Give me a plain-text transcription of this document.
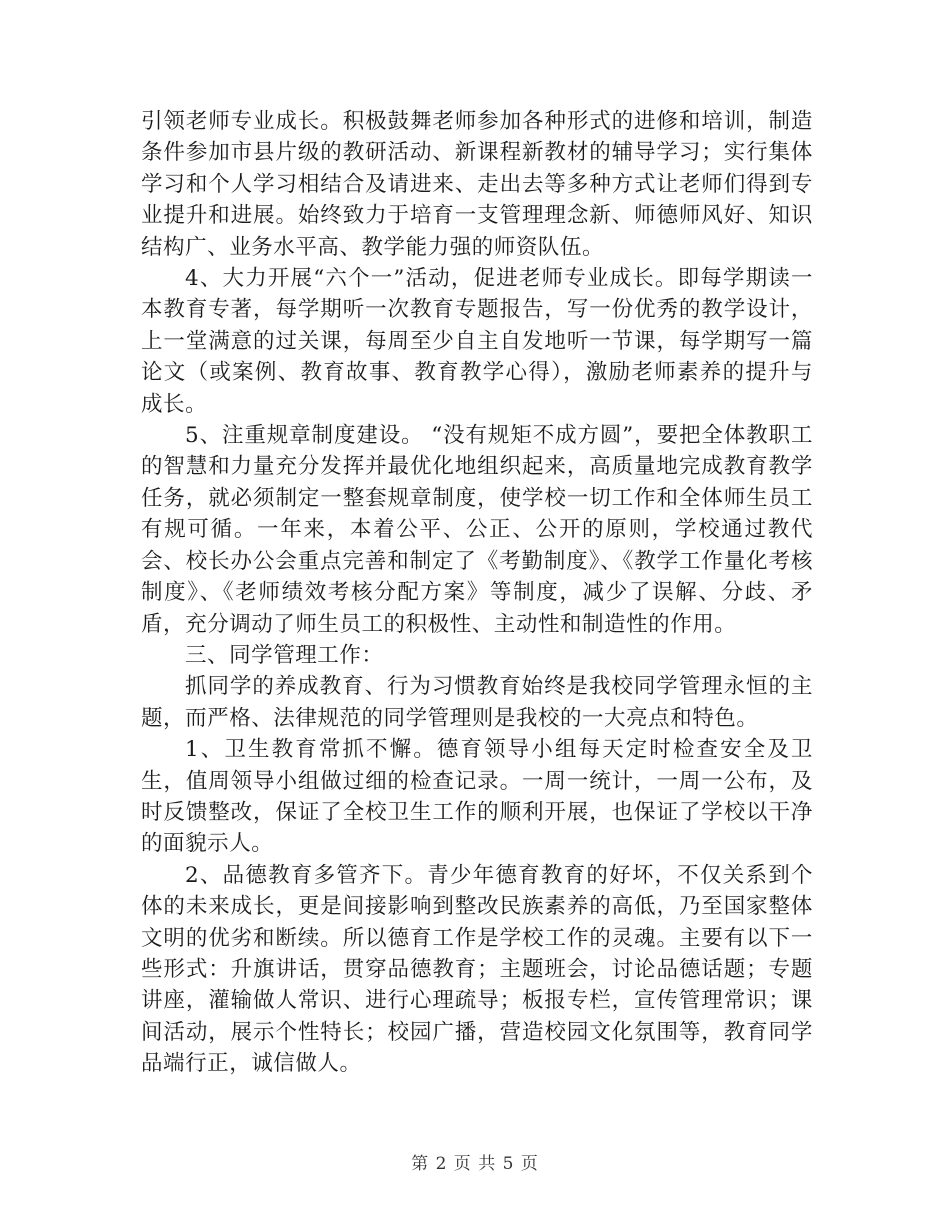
引领老师专业成长。积极鼓舞老师参加各种形式的进修和培训，制造条件参加市县片级的教研活动、新课程新教材的辅导学习；实行集体学习和个人学习相结合及请进来、走出去等多种方式让老师们得到专业提升和进展。始终致力于培育一支管理理念新、师德师风好、知识结构广、业务水平高、教学能力强的师资队伍。

4、大力开展“六个一”活动，促进老师专业成长。即每学期读一本教育专著，每学期听一次教育专题报告，写一份优秀的教学设计，上一堂满意的过关课，每周至少自主自发地听一节课，每学期写一篇论文（或案例、教育故事、教育教学心得），激励老师素养的提升与成长。

5、注重规章制度建设。 “没有规矩不成方圆”，要把全体教职工的智慧和力量充分发挥并最优化地组织起来，高质量地完成教育教学任务，就必须制定一整套规章制度，使学校一切工作和全体师生员工有规可循。一年来，本着公平、公正、公开的原则，学校通过教代会、校长办公会重点完善和制定了《考勤制度》、《教学工作量化考核制度》、《老师绩效考核分配方案》等制度，减少了误解、分歧、矛盾，充分调动了师生员工的积极性、主动性和制造性的作用。

三、同学管理工作：

抓同学的养成教育、行为习惯教育始终是我校同学管理永恒的主题，而严格、法律规范的同学管理则是我校的一大亮点和特色。

1、卫生教育常抓不懈。德育领导小组每天定时检查安全及卫生，值周领导小组做过细的检查记录。一周一统计，一周一公布，及时反馈整改，保证了全校卫生工作的顺利开展，也保证了学校以干净的面貌示人。

2、品德教育多管齐下。青少年德育教育的好坏，不仅关系到个体的未来成长，更是间接影响到整改民族素养的高低，乃至国家整体文明的优劣和断续。所以德育工作是学校工作的灵魂。主要有以下一些形式：升旗讲话，贯穿品德教育；主题班会，讨论品德话题；专题讲座，灌输做人常识、进行心理疏导；板报专栏，宣传管理常识；课间活动，展示个性特长；校园广播，营造校园文化氛围等，教育同学品端行正，诚信做人。

第 2 页 共 5 页
